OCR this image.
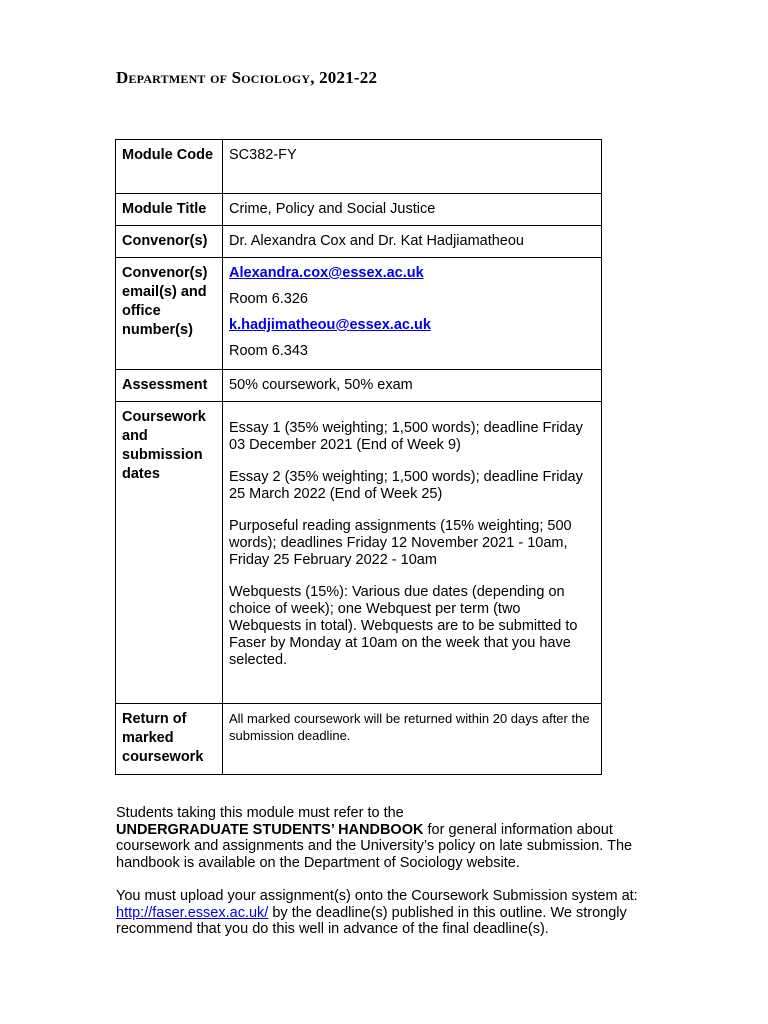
Department of Sociology, 2021-22
Module Code	SC382-FY
Module Title	Crime, Policy and Social Justice
Convenor(s)	Dr. Alexandra Cox and Dr. Kat Hadjiamatheou
Convenor(s) email(s) and office number(s)	Alexandra.cox@essex.ac.uk

Room 6.326

k.hadjimatheou@essex.ac.uk

Room 6.343

Assessment	50% coursework, 50% exam
Coursework and submission dates	Essay 1 (35% weighting; 1,500 words); deadline Friday 03 December 2021 (End of Week 9)

Essay 2 (35% weighting; 1,500 words); deadline Friday 25 March 2022 (End of Week 25)

Purposeful reading assignments (15% weighting; 500 words); deadlines Friday 12 November 2021 - 10am, Friday 25 February 2022 - 10am

Webquests (15%): Various due dates (depending on choice of week); one Webquest per term (two Webquests in total). Webquests are to be submitted to Faser by Monday at 10am on the week that you have selected.

Return of marked coursework	All marked coursework will be returned within 20 days after the submission deadline.

Students taking this module must refer to the
UNDERGRADUATE STUDENTS’ HANDBOOK for general information about coursework and assignments and the University’s policy on late submission. The handbook is available on the Department of Sociology website.

You must upload your assignment(s) onto the Coursework Submission system at: http://faser.essex.ac.uk/ by the deadline(s) published in this outline. We strongly recommend that you do this well in advance of the final deadline(s).
